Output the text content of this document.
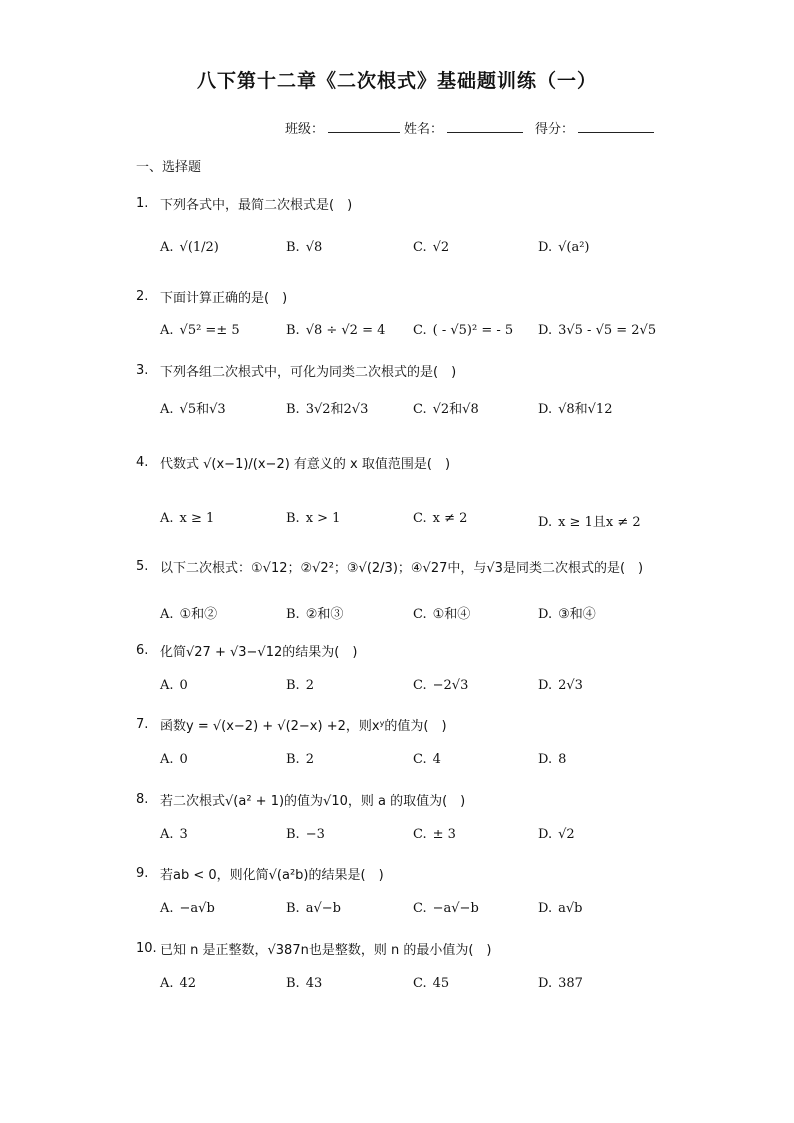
八下第十二章《二次根式》基础题训练（一）
班级：	姓名：	得分：
一、选择题
1. 下列各式中，最简二次根式是(　)
A. √(1/2)	B. √8	C. √2	D. √(a²)
2. 下面计算正确的是(　)
A. √5² =± 5	B. √8 ÷ √2 = 4 C. ( - √5)² = - 5 D. 3√5 - √5 = 2√5
3. 下列各组二次根式中，可化为同类二次根式的是(　)
A. √5和√3	B. 3√2和2√3	C. √2和√8	D. √8和√12
4. 代数式 √(x−1)/(x−2) 有意义的 x 取值范围是(　)
A. x ≥ 1	B. x > 1	C. x ≠ 2	D. x ≥ 1且x ≠ 2
5. 以下二次根式：①√12；②√2²；③√(2/3)；④√27中，与√3是同类二次根式的是(　)
A. ①和②	B. ②和③	C. ①和④	D. ③和④
6. 化简√27 + √3−√12的结果为(　)
A. 0	B. 2	C. −2√3	D. 2√3
7. 函数y = √(x−2) + √(2−x) +2，则xʸ的值为(　)
A. 0	B. 2	C. 4	D. 8
8. 若二次根式√(a² + 1)的值为√10，则 a 的取值为(　)
A. 3	B. −3	C. ± 3	D. √2
9. 若ab < 0，则化简√(a²b)的结果是(　)
A. −a√b	B. a√−b	C. −a√−b	D. a√b
10. 已知 n 是正整数，√387n也是整数，则 n 的最小值为(　)
A. 42	B. 43	C. 45	D. 387
